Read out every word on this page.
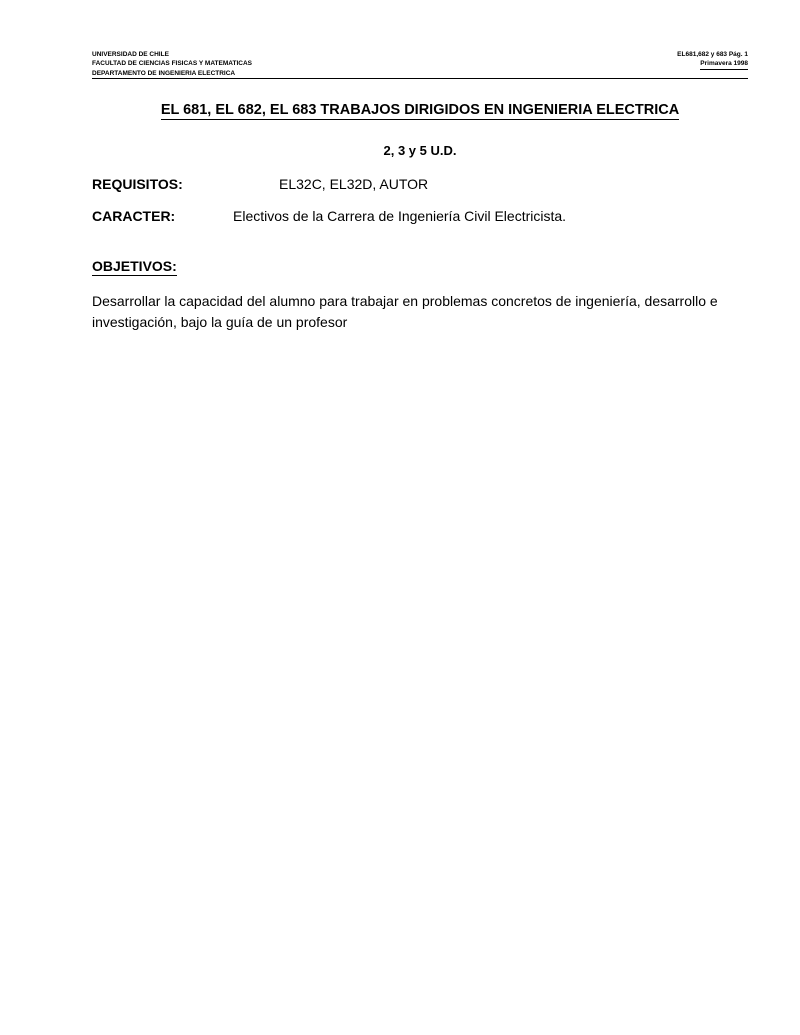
UNIVERSIDAD DE CHILE
FACULTAD DE CIENCIAS FISICAS Y MATEMATICAS
DEPARTAMENTO DE INGENIERIA ELECTRICA
EL681,682 y 683 Pág. 1
Primavera 1998
EL 681, EL 682, EL 683 TRABAJOS DIRIGIDOS EN INGENIERIA ELECTRICA
2, 3 y 5 U.D.
REQUISITOS:	EL32C, EL32D, AUTOR
CARACTER:	Electivos de la Carrera de Ingeniería Civil Electricista.
OBJETIVOS:
Desarrollar la capacidad del alumno para trabajar en problemas concretos de ingeniería, desarrollo e investigación, bajo la guía de un profesor
